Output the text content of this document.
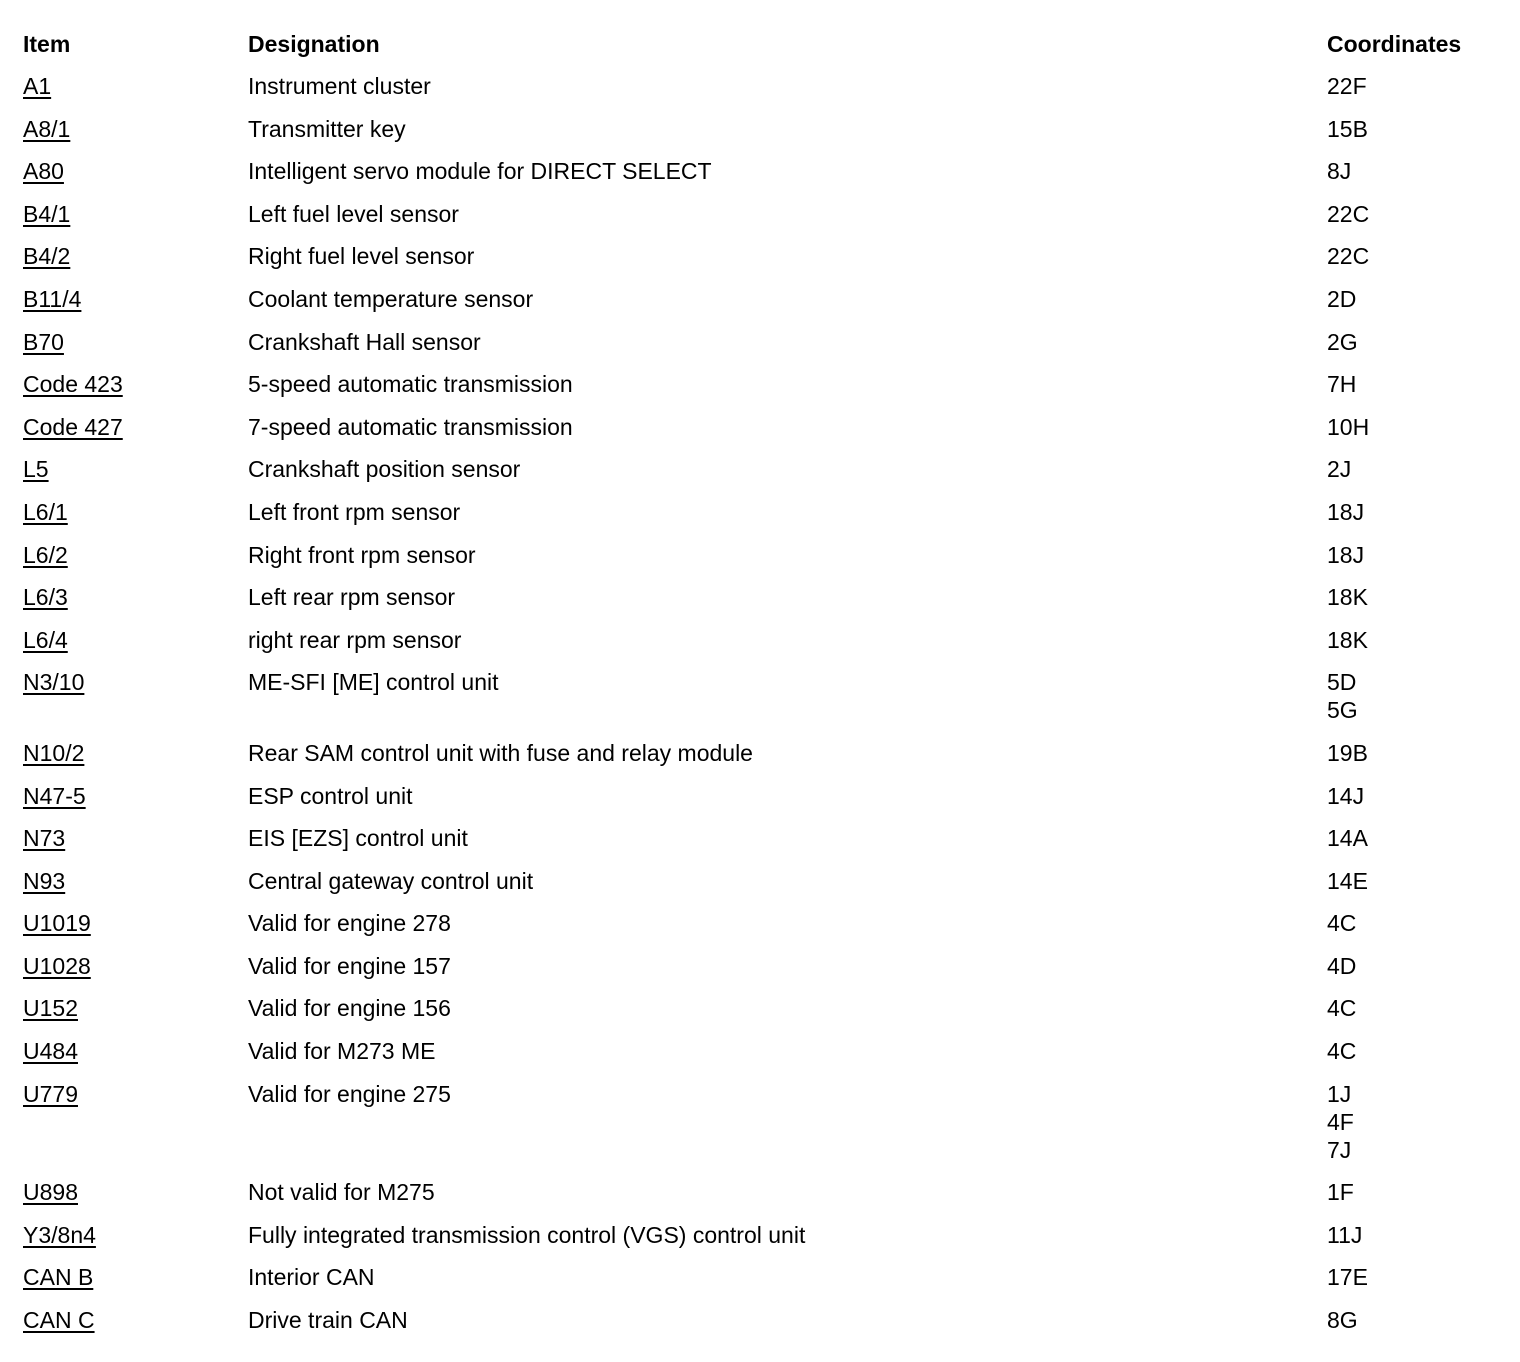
Item	Designation	Coordinates
A1	Instrument cluster	22F

A8/1	Transmitter key	15B

A80	Intelligent servo module for DIRECT SELECT	8J

B4/1	Left fuel level sensor	22C

B4/2	Right fuel level sensor	22C

B11/4	Coolant temperature sensor	2D

B70	Crankshaft Hall sensor	2G

Code 423	5-speed automatic transmission	7H

Code 427	7-speed automatic transmission	10H

L5	Crankshaft position sensor	2J

L6/1	Left front rpm sensor	18J

L6/2	Right front rpm sensor	18J

L6/3	Left rear rpm sensor	18K

L6/4	right rear rpm sensor	18K

N3/10	ME-SFI [ME] control unit	5D
5G

N10/2	Rear SAM control unit with fuse and relay module	19B

N47-5	ESP control unit	14J

N73	EIS [EZS] control unit	14A

N93	Central gateway control unit	14E

U1019	Valid for engine 278	4C

U1028	Valid for engine 157	4D

U152	Valid for engine 156	4C

U484	Valid for M273 ME	4C

U779	Valid for engine 275	1J
4F
7J

U898	Not valid for M275	1F

Y3/8n4	Fully integrated transmission control (VGS) control unit	11J

CAN B	Interior CAN	17E

CAN C	Drive train CAN	8G
